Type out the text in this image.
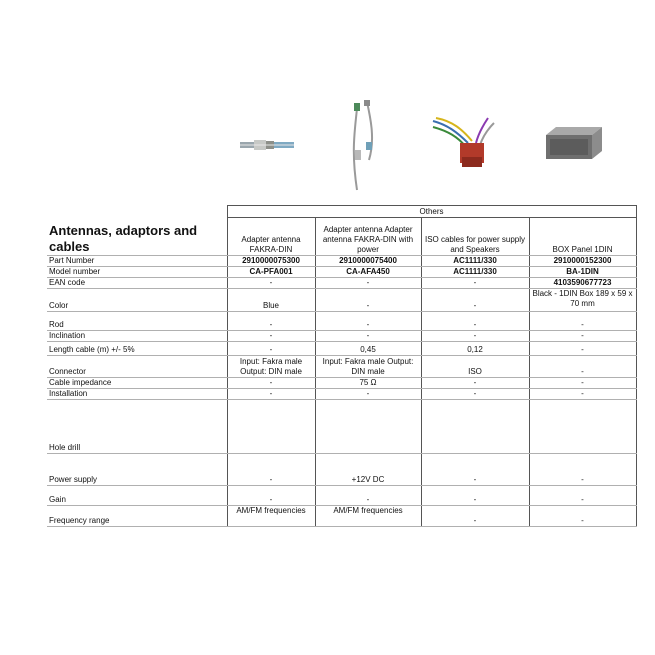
	Others			
Antennas, adaptors and cables	Adapter antenna FAKRA-DIN	Adapter antenna Adapter antenna FAKRA-DIN with power	ISO cables for power supply and Speakers	BOX Panel 1DIN
Part Number	2910000075300	2910000075400	AC1111/330	2910000152300
Model number	CA-PFA001	CA-AFA450	AC1111/330	BA-1DIN
EAN code	-	-	-	4103590677723
Color	Blue	-	-	Black - 1DIN Box 189 x 59 x 70 mm
Rod	-	-	-	-
Inclination	-	-	-	-
Length cable (m) +/- 5%	-	0,45	0,12	-
Connector	Input: Fakra male Output: DIN male	Input: Fakra male Output: DIN male	ISO	-
Cable impedance	-	75 Ω	-	-
Installation	-	-	-	-
Hole drill				
Power supply	-	+12V DC	-	-
Gain	-	-	-	-
Frequency range	AM/FM frequencies	AM/FM frequencies	-	-
